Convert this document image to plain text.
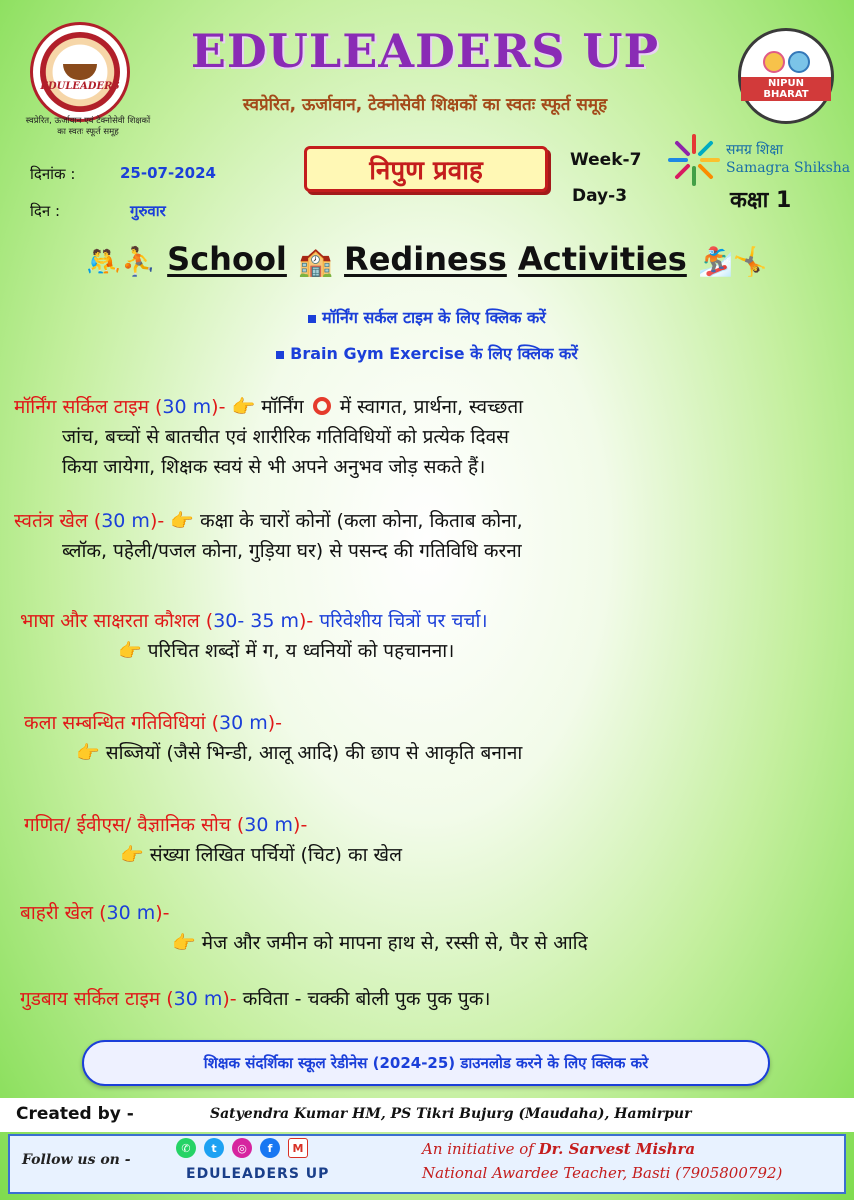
EDULEADERS
स्वप्रेरित, ऊर्जावान एवं टेक्नोसेवी शिक्षकों का स्वतः स्फूर्त समूह
EDULEADERS UP
स्वप्रेरित, ऊर्जावान, टेक्नोसेवी शिक्षकों का स्वतः स्फूर्त समूह
NIPUN BHARAT
दिनांक :	25-07-2024
दिन :	गुरुवार
निपुण प्रवाह	Week-7
Day-3
समग्र शिक्षा
Samagra Shiksha
कक्षा 1
🤼⛹ School 🏫 Rediness Activities 🏂🤸
मॉर्निंग सर्कल टाइम के लिए क्लिक करें
Brain Gym Exercise के लिए क्लिक करें
मॉर्निंग सर्किल टाइम (30 m)- 👉 मॉर्निंग में स्वागत, प्रार्थना, स्वच्छता
जांच, बच्चों से बातचीत एवं शारीरिक गतिविधियों को प्रत्येक दिवस
किया जायेगा, शिक्षक स्वयं से भी अपने अनुभव जोड़ सकते हैं।
स्वतंत्र खेल (30 m)- 👉 कक्षा के चारों कोनों (कला कोना, किताब कोना,
ब्लॉक, पहेली/पजल कोना, गुड़िया घर) से पसन्द की गतिविधि करना
भाषा और साक्षरता कौशल (30- 35 m)- परिवेशीय चित्रों पर चर्चा।
👉 परिचित शब्दों में ग, य ध्वनियों को पहचानना।
कला सम्बन्धित गतिविधियां (30 m)-
👉 सब्जियों (जैसे भिन्डी, आलू आदि) की छाप से आकृति बनाना
गणित/ ईवीएस/ वैज्ञानिक सोच (30 m)-
👉 संख्या लिखित पर्चियों (चिट) का खेल
बाहरी खेल (30 m)-
👉 मेज और जमीन को मापना हाथ से, रस्सी से, पैर से आदि
गुडबाय सर्किल टाइम (30 m)- कविता - चक्की बोली पुक पुक पुक।
शिक्षक संदर्शिका स्कूल रेडीनेस (2024-25) डाउनलोड करने के लिए क्लिक करे
Created by -	Satyendra Kumar HM, PS Tikri Bujurg (Maudaha), Hamirpur
Follow us on -
✆	t	◎	f	M
EDULEADERS UP
An initiative of Dr. Sarvest Mishra
National Awardee Teacher, Basti (7905800792)
